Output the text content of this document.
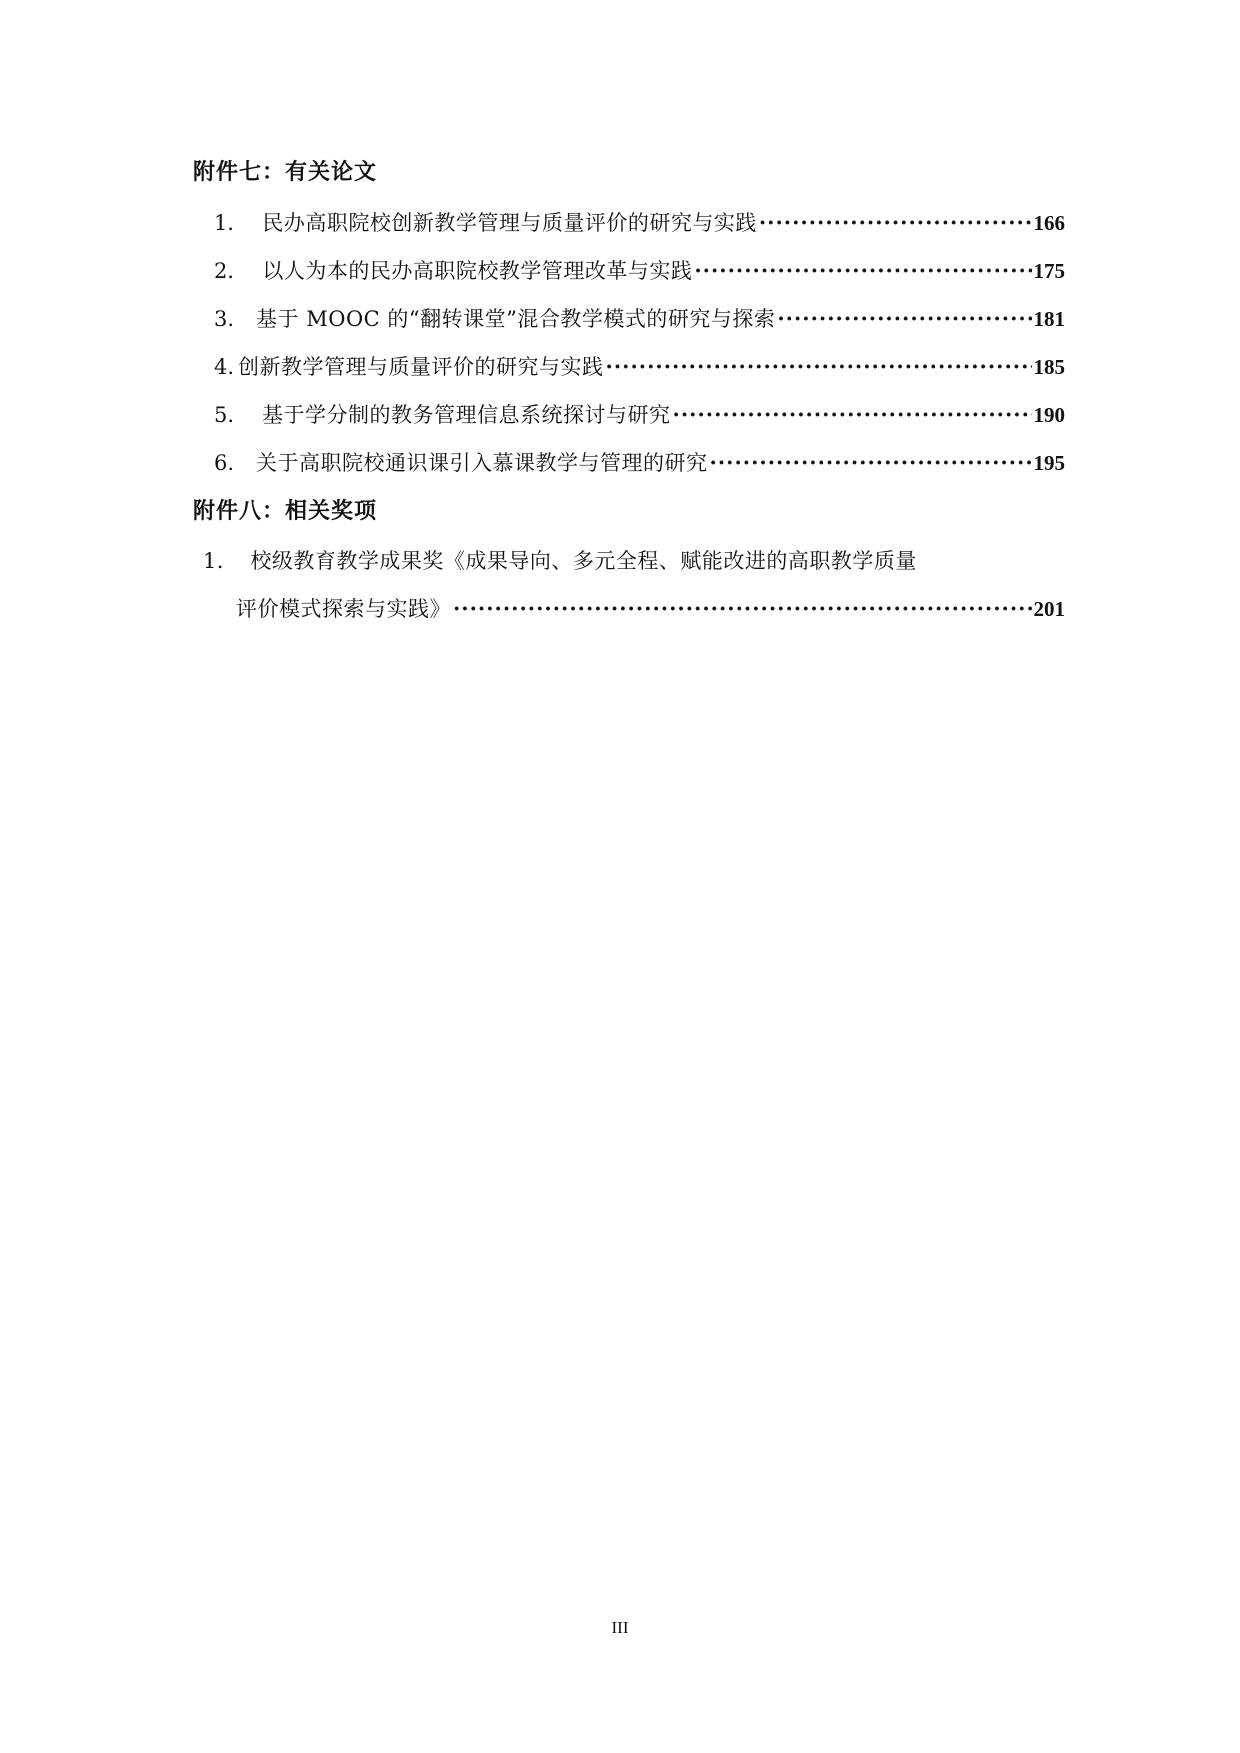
附件七：有关论文
1． 民办高职院校创新教学管理与质量评价的研究与实践 ·····	166
2． 以人为本的民办高职院校教学管理改革与实践 ·····	175
3. 基于 MOOC 的“翻转课堂”混合教学模式的研究与探索 ·····	181
4. 创新教学管理与质量评价的研究与实践 ·····	185
5. 基于学分制的教务管理信息系统探讨与研究 ·····	190
6. 关于高职院校通识课引入慕课教学与管理的研究 ·····	195
附件八：相关奖项
1． 校级教育教学成果奖《成果导向、多元全程、赋能改进的高职教学质量
评价模式探索与实践》 ·····	201
III
